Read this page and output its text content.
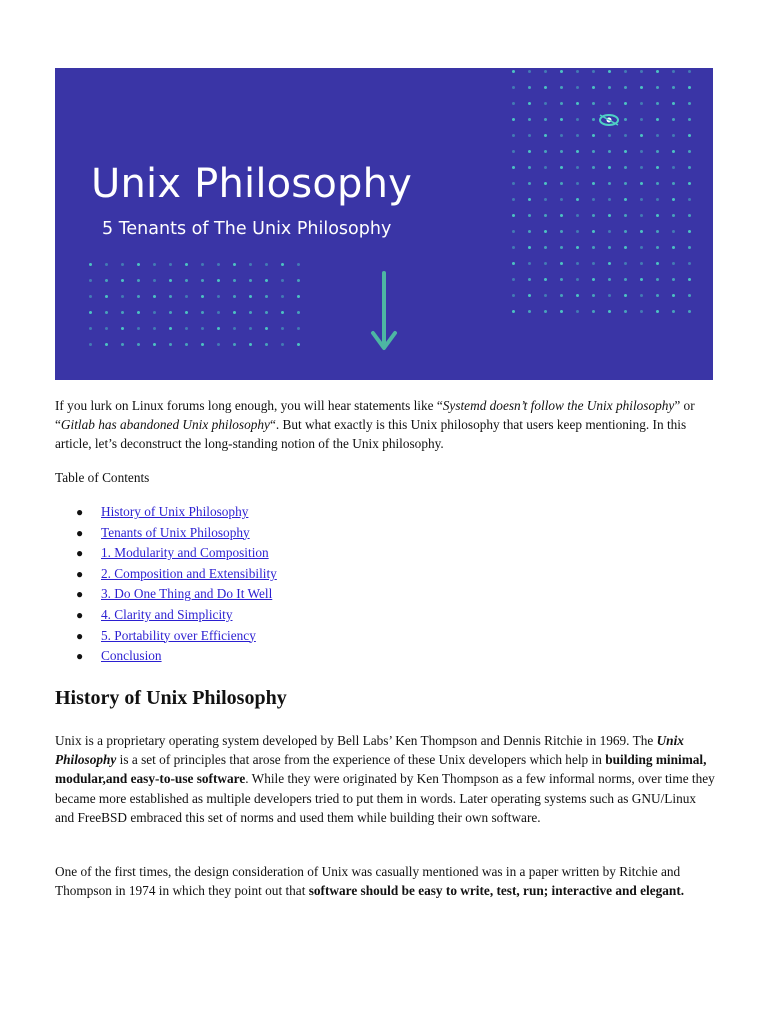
Unix Philosophy
5 Tenants of The Unix Philosophy

If you lurk on Linux forums long enough, you will hear statements like “Systemd doesn’t follow the Unix philosophy” or “Gitlab has abandoned Unix philosophy“. But what exactly is this Unix philosophy that users keep mentioning. In this article, let’s deconstruct the long-standing notion of the Unix philosophy.

Table of Contents

● History of Unix Philosophy
● Tenants of Unix Philosophy
● 1. Modularity and Composition
● 2. Composition and Extensibility
● 3. Do One Thing and Do It Well
● 4. Clarity and Simplicity
● 5. Portability over Efficiency
● Conclusion
History of Unix Philosophy

Unix is a proprietary operating system developed by Bell Labs’ Ken Thompson and Dennis Ritchie in 1969. The Unix Philosophy is a set of principles that arose from the experience of these Unix developers which help in building minimal, modular,and easy-to-use software. While they were originated by Ken Thompson as a few informal norms, over time they became more established as multiple developers tried to put them in words. Later operating systems such as GNU/Linux and FreeBSD embraced this set of norms and used them while building their own software.

One of the first times, the design consideration of Unix was casually mentioned was in a paper written by Ritchie and Thompson in 1974 in which they point out that software should be easy to write, test, run; interactive and elegant.
